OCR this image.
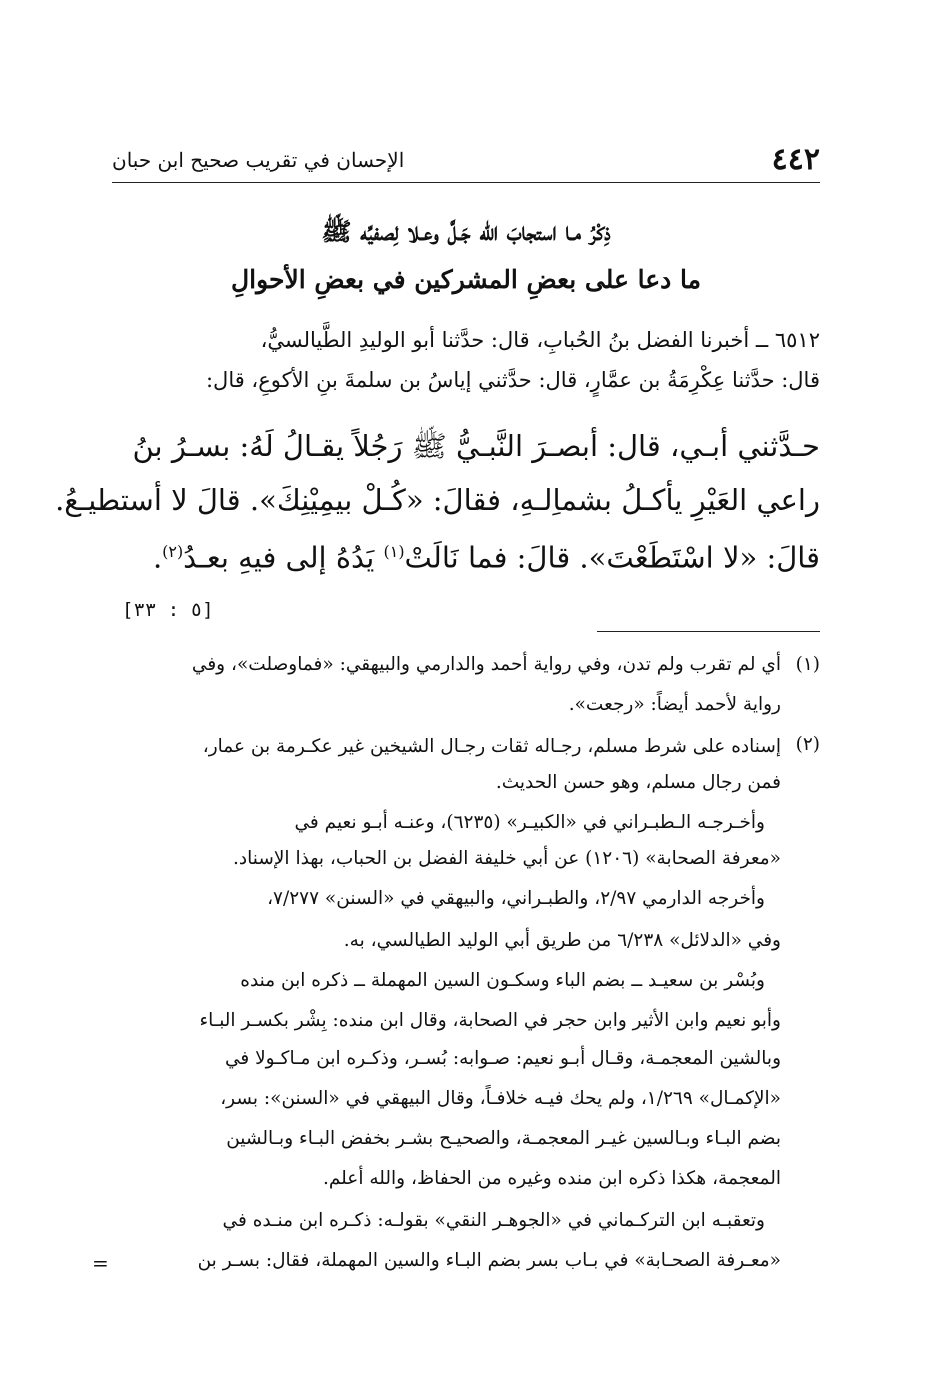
٤٤٢
الإحسان في تقريب صحيح ابن حبان
ذِكْرُ مـا استجابَ الله جَـلَّ وعـلا لِصفيِّه ﷺ
ما دعا على بعضِ المشركين في بعضِ الأحوالِ
٦٥١٢ ــ أخبرنا الفضل بنُ الحُبابِ، قال: حدَّثنا أبو الوليدِ الطَّيالسيُّ،
قال: حدَّثنا عِكْرِمَةُ بن عمَّارٍ، قال: حدَّثني إياسُ بن سلمةَ بنِ الأكوعِ، قال:
حـدَّثني أبـي، قال: أبصـرَ النَّبـيُّ ﷺ رَجُلاً يقـالُ لَهُ: بسـرُ بنُ
راعي العَيْرِ يأكـلُ بشماِلـهِ، فقالَ: «كُـلْ بيمِيْنِكَ». قالَ لا أستطيـعُ.
قالَ: «لا اسْتَطَعْتَ». قالَ: فما نَالَتْ$^{(١)}$ يَدُهُ إلى فيهِ بعـدُ$^{(٢)}$.
[٥ : ٣٣]
(١)
أي لم تقرب ولم تدن، وفي رواية أحمد والدارمي والبيهقي: «فماوصلت»، وفي
رواية لأحمد أيضاً: «رجعت».
(٢)
إسناده على شرط مسلم، رجـاله ثقات رجـال الشيخين غير عكـرمة بن عمار،
فمن رجال مسلم، وهو حسن الحديث.
وأخـرجـه الـطبـراني في «الكبيـر» (٦٢٣٥)، وعنـه أبـو نعيم في
«معرفة الصحابة» (١٢٠٦) عن أبي خليفة الفضل بن الحباب، بهذا الإسناد.
وأخرجه الدارمي ٢/٩٧، والطبـراني، والبيهقي في «السنن» ٧/٢٧٧،
وفي «الدلائل» ٦/٢٣٨ من طريق أبي الوليد الطيالسي، به.
وبُسْر بن سعيـد ــ بضم الباء وسكـون السين المهملة ــ ذكره ابن منده
وأبو نعيم وابن الأثير وابن حجر في الصحابة، وقال ابن منده: بِشْر بكسـر البـاء
وبالشين المعجمـة، وقـال أبـو نعيم: صـوابه: بُسـر، وذكـره ابن مـاكـولا في
«الإكمـال» ١/٢٦٩، ولم يحك فيـه خلافـاً، وقال البيهقي في «السنن»: بسر،
بضم البـاء وبـالسين غيـر المعجمـة، والصحيـح بشـر بخفض البـاء وبـالشين
المعجمة، هكذا ذكره ابن منده وغيره من الحفاظ، والله أعلم.
وتعقبـه ابن التركـماني في «الجوهـر النقي» بقولـه: ذكـره ابن منـده في
«معـرفة الصحـابة» في بـاب بسر بضم البـاء والسين المهملة، فقال: بسـر بن
=
